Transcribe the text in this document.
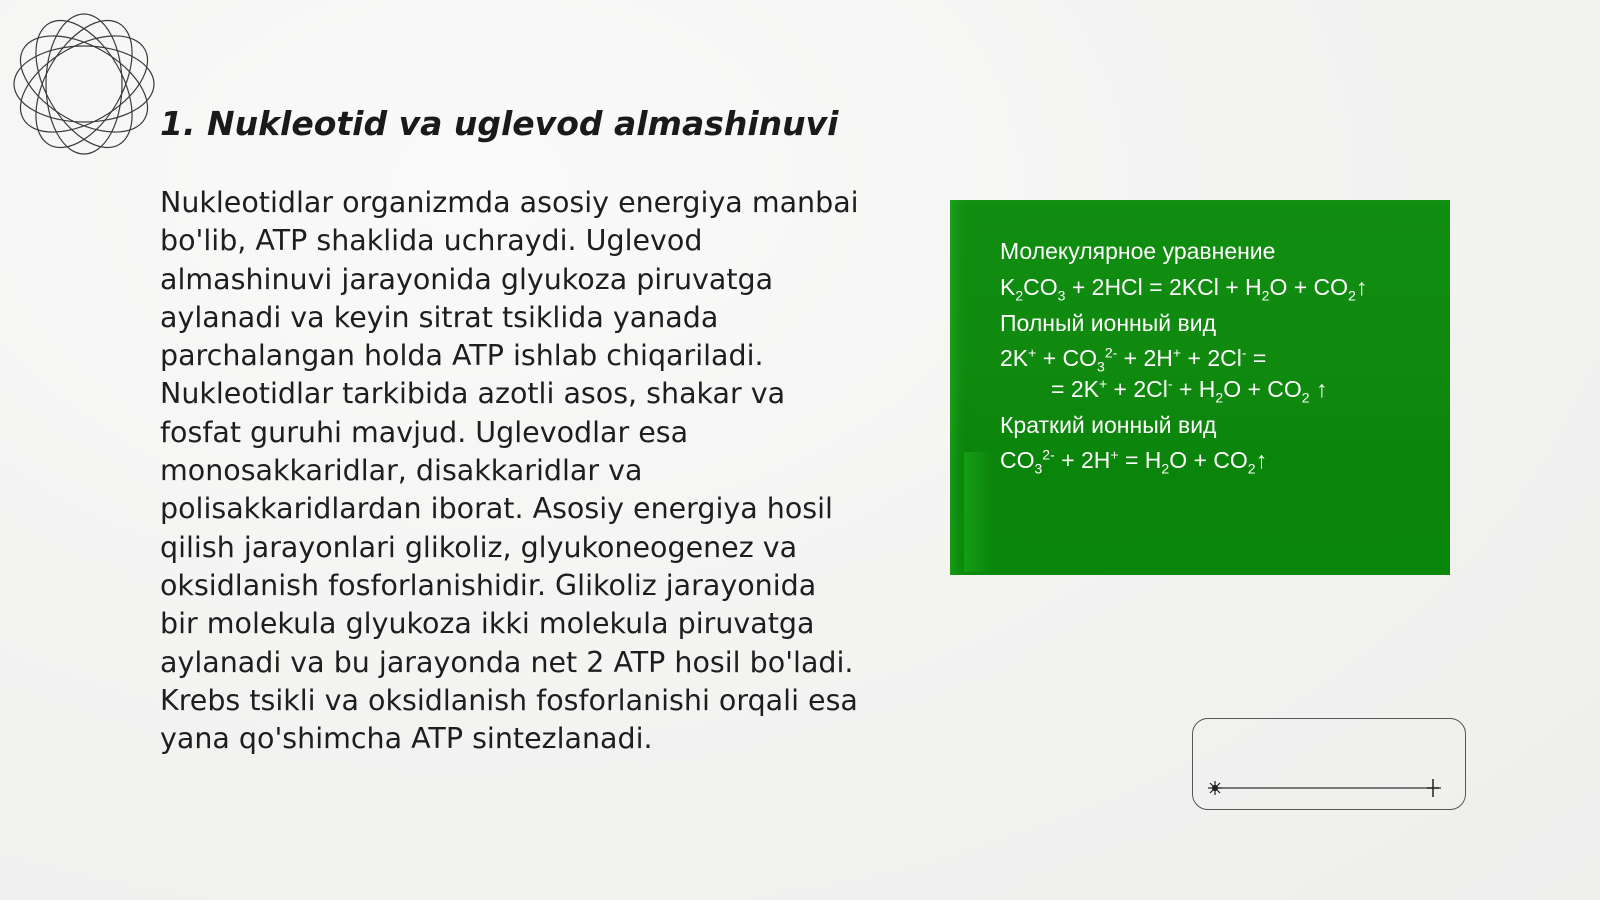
1. Nukleotid va uglevod almashinuvi

Nukleotidlar organizmda asosiy energiya manbai bo'lib, ATP shaklida uchraydi. Uglevod almashinuvi jarayonida glyukoza piruvatga aylanadi va keyin sitrat tsiklida yanada parchalangan holda ATP ishlab chiqariladi. Nukleotidlar tarkibida azotli asos, shakar va fosfat guruhi mavjud. Uglevodlar esa monosakkaridlar, disakkaridlar va polisakkaridlardan iborat. Asosiy energiya hosil qilish jarayonlari glikoliz, glyukoneogenez va oksidlanish fosforlanishidir. Glikoliz jarayonida bir molekula glyukoza ikki molekula piruvatga aylanadi va bu jarayonda net 2 ATP hosil bo'ladi. Krebs tsikli va oksidlanish fosforlanishi orqali esa yana qo'shimcha ATP sintezlanadi.

Молекулярное уравнение
$K_2CO_3 + 2HCl = 2KCl + H_2O$ + $CO_2↑$
Полный ионный вид
$2K^+ + CO_3^{2-} + 2H^+ + 2Cl^-$ =
= $2K^+ + 2Cl^- + H_2O + CO_2$ ↑
Краткий ионный вид
$CO_3^{2-} + 2H^+ = H_2O$ + $CO_2↑$
